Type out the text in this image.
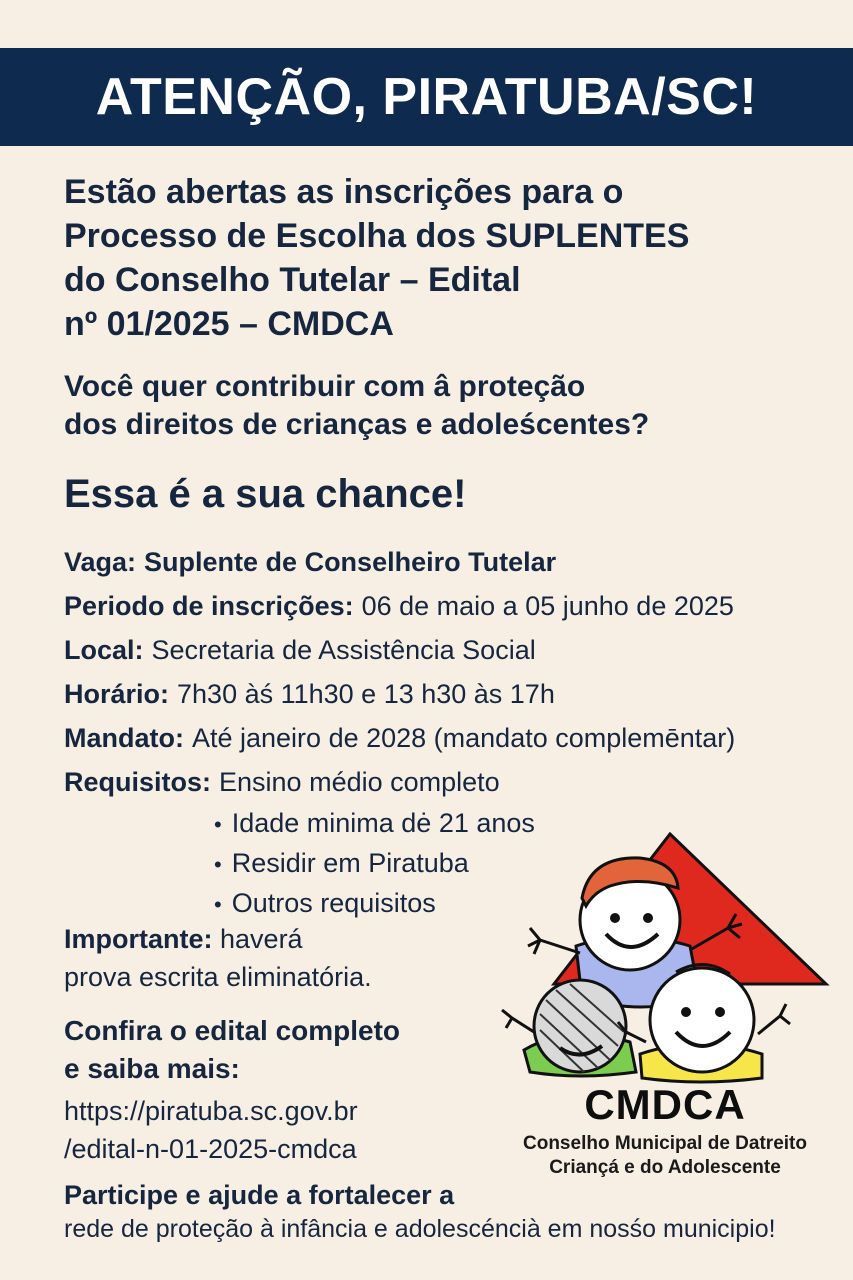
ATENÇÃO, PIRATUBA/SC!
Estão abertas as inscrições para o
Processo de Escolha dos SUPLENTES
do Conselho Tutelar – Edital
nº 01/2025 – CMDCA
Você quer contribuir com â proteção
dos direitos de crianças e adoleścentes?
Essa é a sua chance!
Vaga: Suplente de Conselheiro Tutelar
Periodo de inscrições: 06 de maio a 05 junho de 2025
Local: Secretaria de Assistência Social
Horário: 7h30 àś 11h30 e 13 h30 às 17h
Mandato: Até janeiro de 2028 (mandato complemēntar)
Requisitos: Ensino médio completo
• Idade minima dė 21 anos
• Residir em Piratuba
• Outros requisitos
Importante: haverá
prova escrita eliminatória.
Confira o edital completo
e saiba mais:
https://piratuba.sc.gov.br
/edital-n-01-2025-cmdca
Participe e ajude a fortalecer a
rede de proteção à infância e adolescéncià em nosśo municipio!
CMDCA
Conselho Municipal de Datreito
Criançá e do Adolescente
